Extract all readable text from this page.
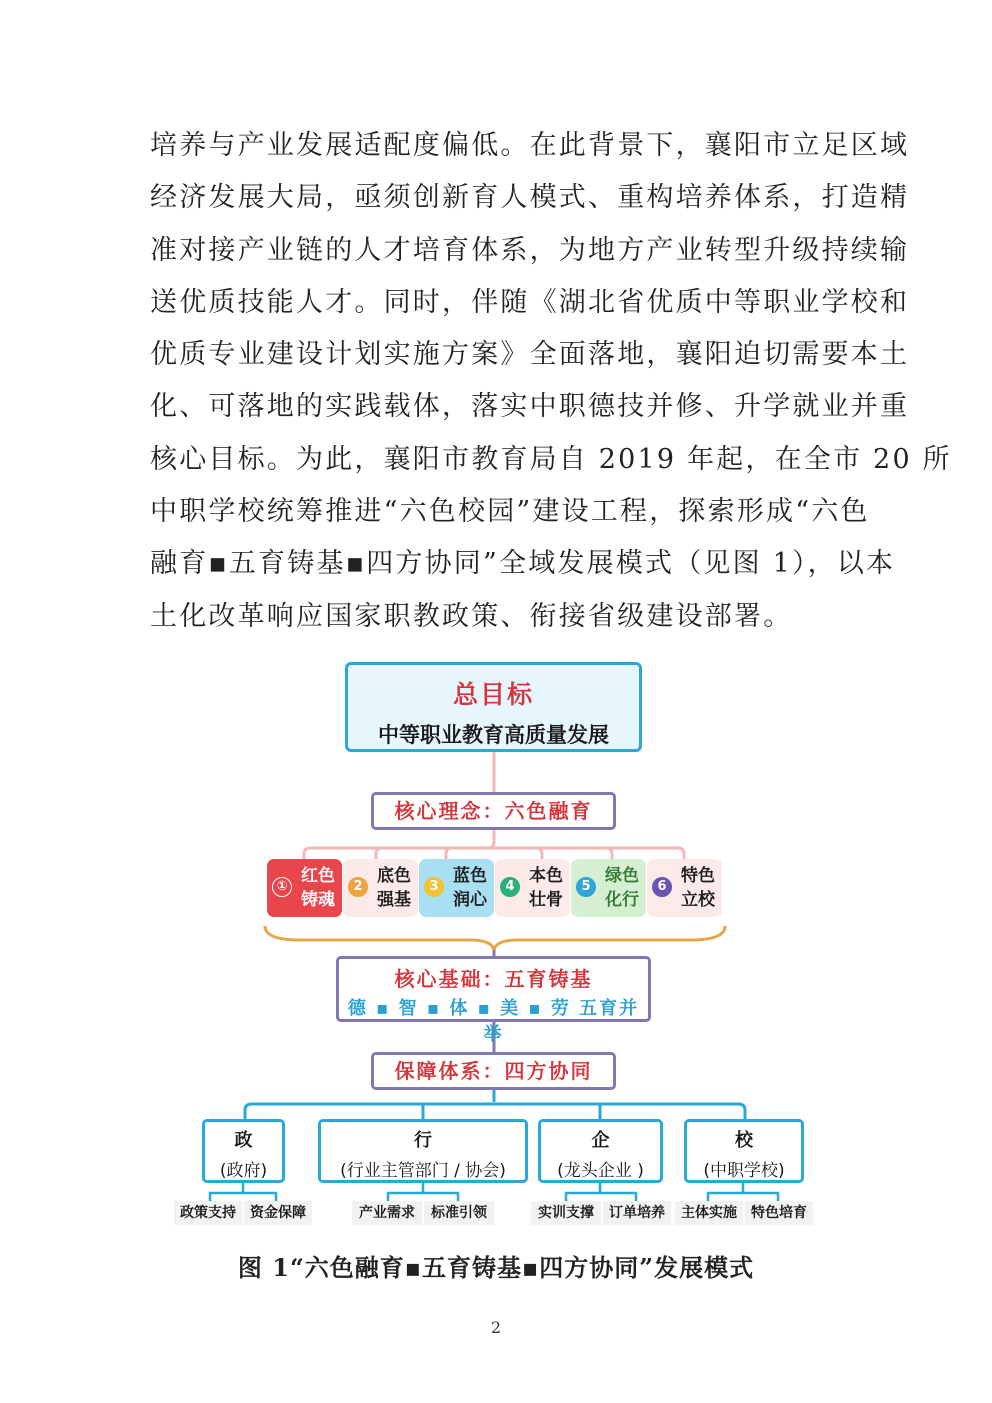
培养与产业发展适配度偏低。在此背景下，襄阳市立足区域
经济发展大局，亟须创新育人模式、重构培养体系，打造精
准对接产业链的人才培育体系，为地方产业转型升级持续输
送优质技能人才。同时，伴随《湖北省优质中等职业学校和
优质专业建设计划实施方案》全面落地，襄阳迫切需要本土
化、可落地的实践载体，落实中职德技并修、升学就业并重
核心目标。为此，襄阳市教育局自 2019 年起，在全市 20 所
中职学校统筹推进“六色校园”建设工程，探索形成“六色
融育▪五育铸基▪四方协同”全域发展模式（见图 1），以本
土化改革响应国家职教政策、衔接省级建设部署。
总目标
中等职业教育高质量发展
核心理念：六色融育
①
红色
铸魂
2
底色
强基
3
蓝色
润心
4
本色
壮骨
5
绿色
化行
6
特色
立校
核心基础：五育铸基
德 ▪ 智 ▪ 体 ▪ 美 ▪ 劳 五育并举
保障体系：四方协同
政
(政府)
行
(行业主管部门 / 协会)
企
(龙头企业 )
校
(中职学校)
政策支持	资金保障	产业需求	标准引领	实训支撑	订单培养	主体实施	特色培育
图 1“六色融育▪五育铸基▪四方协同”发展模式
2
